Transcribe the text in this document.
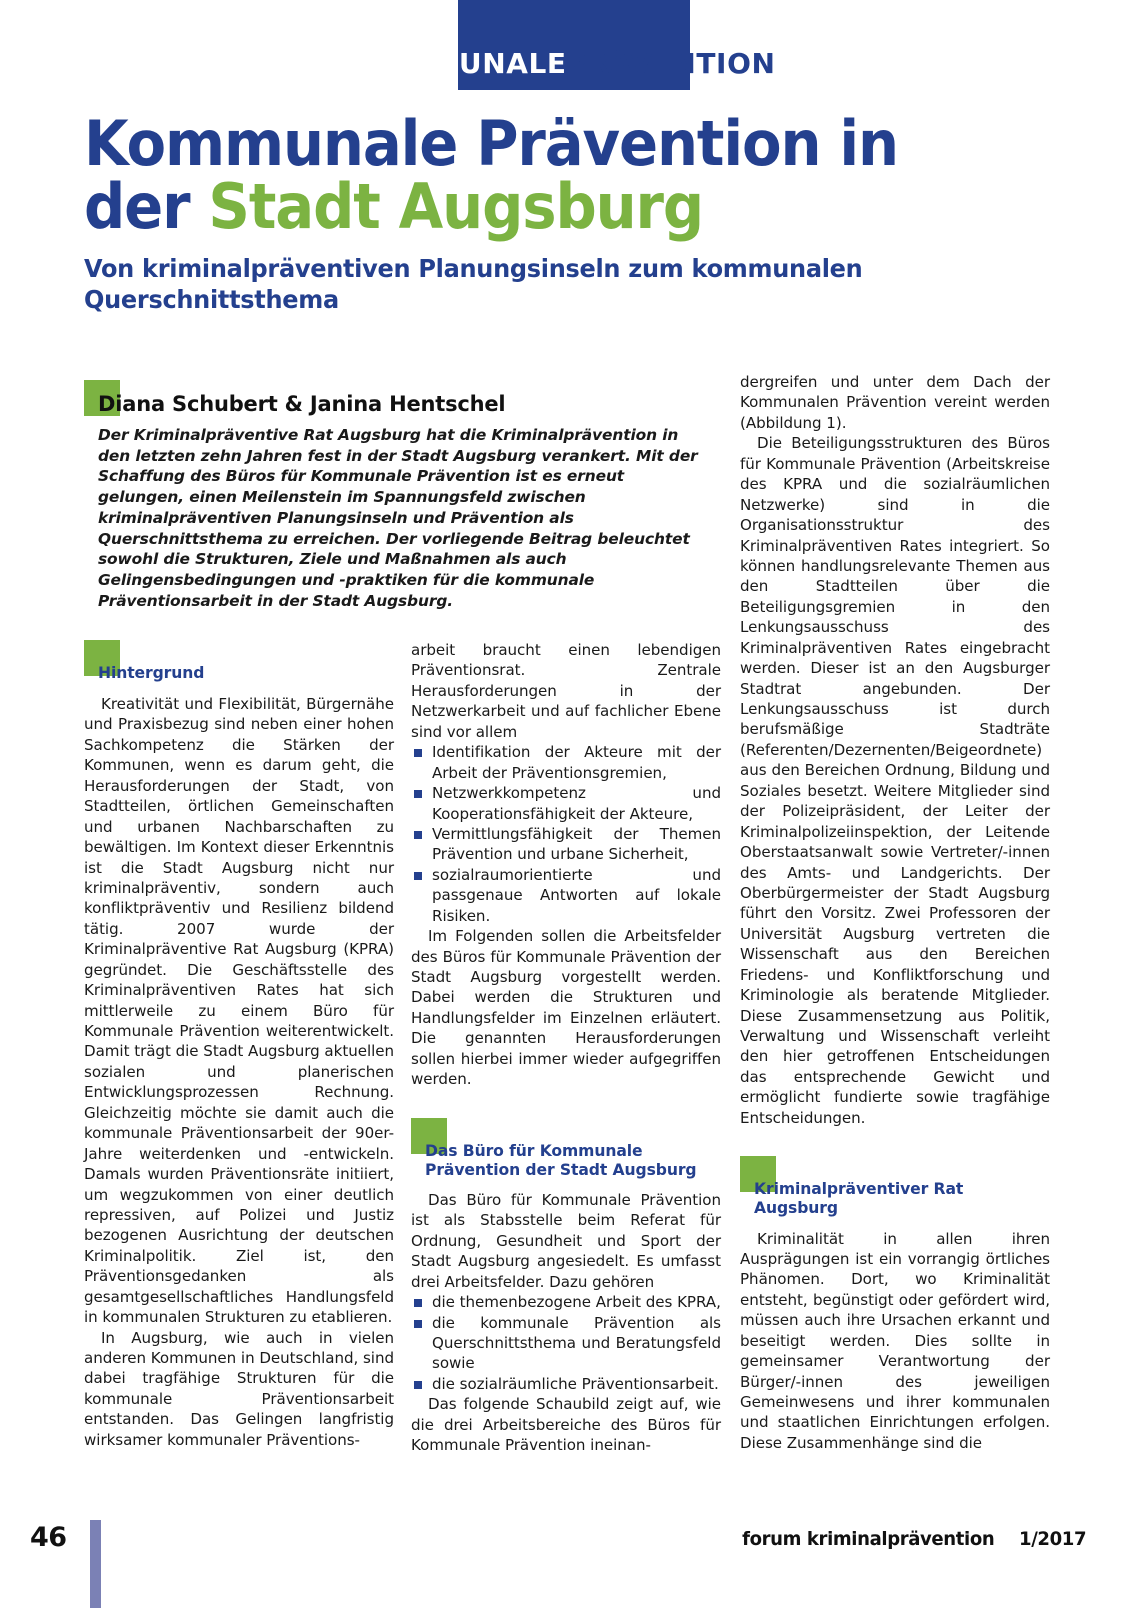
KOMMUNALEPRÄVENTION
Kommunale Prävention in
der Stadt Augsburg
Von kriminalpräventiven Planungsinseln zum kommunalen Querschnittsthema
Diana Schubert & Janina Hentschel
Der Kriminalpräventive Rat Augsburg hat die Kriminalprävention in den letzten zehn Jahren fest in der Stadt Augsburg verankert. Mit der Schaffung des Büros für Kommunale Prävention ist es erneut gelungen, einen Meilenstein im Spannungsfeld zwischen kriminalpräventiven Planungsinseln und Prävention als Querschnittsthema zu erreichen. Der vorliegende Beitrag beleuchtet sowohl die Strukturen, Ziele und Maßnahmen als auch Gelingensbedingungen und -praktiken für die kommunale Präventionsarbeit in der Stadt Augsburg.
Hintergrund

Kreativität und Flexibilität, Bürgernähe und Praxisbezug sind neben einer hohen Sachkompetenz die Stärken der Kommunen, wenn es darum geht, die Herausforderungen der Stadt, von Stadtteilen, örtlichen Gemeinschaften und urbanen Nachbarschaften zu bewältigen. Im Kontext dieser Erkenntnis ist die Stadt Augsburg nicht nur kriminalpräventiv, sondern auch konfliktpräventiv und Resilienz bildend tätig. 2007 wurde der Kriminalpräventive Rat Augsburg (KPRA) gegründet. Die Geschäftsstelle des Kriminalpräventiven Rates hat sich mittlerweile zu einem Büro für Kommunale Prävention weiterentwickelt. Damit trägt die Stadt Augsburg aktuellen sozialen und planerischen Entwicklungsprozessen Rechnung. Gleichzeitig möchte sie damit auch die kommunale Präventionsarbeit der 90er-Jahre weiterdenken und -entwickeln. Damals wurden Präventionsräte initiiert, um wegzukommen von einer deutlich repressiven, auf Polizei und Justiz bezogenen Ausrichtung der deutschen Kriminalpolitik. Ziel ist, den Präventionsgedanken als gesamtgesellschaftliches Handlungsfeld in kommunalen Strukturen zu etablieren.

In Augsburg, wie auch in vielen anderen Kommunen in Deutschland, sind dabei tragfähige Strukturen für die kommunale Präventionsarbeit entstanden. Das Gelingen langfristig wirksamer kommunaler Präventions-

arbeit braucht einen lebendigen Präventionsrat. Zentrale Herausforderungen in der Netzwerkarbeit und auf fachlicher Ebene sind vor allem

Identifikation der Akteure mit der Arbeit der Präventionsgremien,
Netzwerkkompetenz und Kooperationsfähigkeit der Akteure,
Vermittlungsfähigkeit der Themen Prävention und urbane Sicherheit,
sozialraumorientierte und passgenaue Antworten auf lokale Risiken.

Im Folgenden sollen die Arbeitsfelder des Büros für Kommunale Prävention der Stadt Augsburg vorgestellt werden. Dabei werden die Strukturen und Handlungsfelder im Einzelnen erläutert. Die genannten Herausforderungen sollen hierbei immer wieder aufgegriffen werden.

Das Büro für Kommunale Prävention der Stadt Augsburg

Das Büro für Kommunale Prävention ist als Stabsstelle beim Referat für Ordnung, Gesundheit und Sport der Stadt Augsburg angesiedelt. Es umfasst drei Arbeitsfelder. Dazu gehören

die themenbezogene Arbeit des KPRA,
die kommunale Prävention als Querschnittsthema und Beratungsfeld sowie
die sozialräumliche Präventionsarbeit.

Das folgende Schaubild zeigt auf, wie die drei Arbeitsbereiche des Büros für Kommunale Prävention ineinan-

dergreifen und unter dem Dach der Kommunalen Prävention vereint werden (Abbildung 1).

Die Beteiligungsstrukturen des Büros für Kommunale Prävention (Arbeitskreise des KPRA und die sozialräumlichen Netzwerke) sind in die Organisationsstruktur des Kriminalpräventiven Rates integriert. So können handlungsrelevante Themen aus den Stadtteilen über die Beteiligungsgremien in den Lenkungsausschuss des Kriminalpräventiven Rates eingebracht werden. Dieser ist an den Augsburger Stadtrat angebunden. Der Lenkungsausschuss ist durch berufsmäßige Stadträte (Referenten/Dezernenten/Beigeordnete) aus den Bereichen Ordnung, Bildung und Soziales besetzt. Weitere Mitglieder sind der Polizeipräsident, der Leiter der Kriminalpolizeiinspektion, der Leitende Oberstaatsanwalt sowie Vertreter/-innen des Amts- und Landgerichts. Der Oberbürgermeister der Stadt Augsburg führt den Vorsitz. Zwei Professoren der Universität Augsburg vertreten die Wissenschaft aus den Bereichen Friedens- und Konfliktforschung und Kriminologie als beratende Mitglieder. Diese Zusammensetzung aus Politik, Verwaltung und Wissenschaft verleiht den hier getroffenen Entscheidungen das entsprechende Gewicht und ermöglicht fundierte sowie tragfähige Entscheidungen.

Kriminalpräventiver Rat Augsburg

Kriminalität in allen ihren Ausprägungen ist ein vorrangig örtliches Phänomen. Dort, wo Kriminalität entsteht, begünstigt oder gefördert wird, müssen auch ihre Ursachen erkannt und beseitigt werden. Dies sollte in gemeinsamer Verantwortung der Bürger/-innen des jeweiligen Gemeinwesens und ihrer kommunalen und staatlichen Einrichtungen erfolgen. Diese Zusammenhänge sind die

46	forum kriminalprävention 1/2017
